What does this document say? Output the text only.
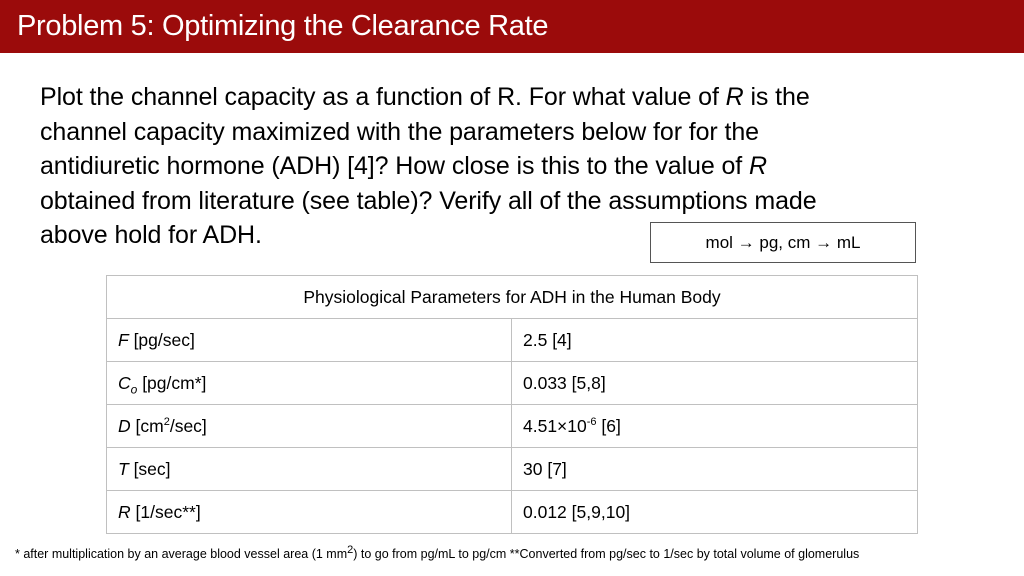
Problem 5: Optimizing the Clearance Rate
Plot the channel capacity as a function of R. For what value of R is the
channel capacity maximized with the parameters below for for the
antidiuretic hormone (ADH) [4]? How close is this to the value of R
obtained from literature (see table)? Verify all of the assumptions made
above hold for ADH.	mol → pg, cm → mL
Physiological Parameters for ADH in the Human Body	
F [pg/sec]	2.5 [4]
$C_o$ [pg/cm*]	0.033 [5,8]
D $[cm^2/\sec]$	$4.51\times 10^{-6}$ [6]
T [sec]	30 [7]
R [1/sec**]	0.012 [5,9,10]
* after multiplication by an average blood vessel area (1 $mm^2$) to go from pg/mL to pg/cm **Converted from pg/sec to 1/sec by total volume of glomerulus
